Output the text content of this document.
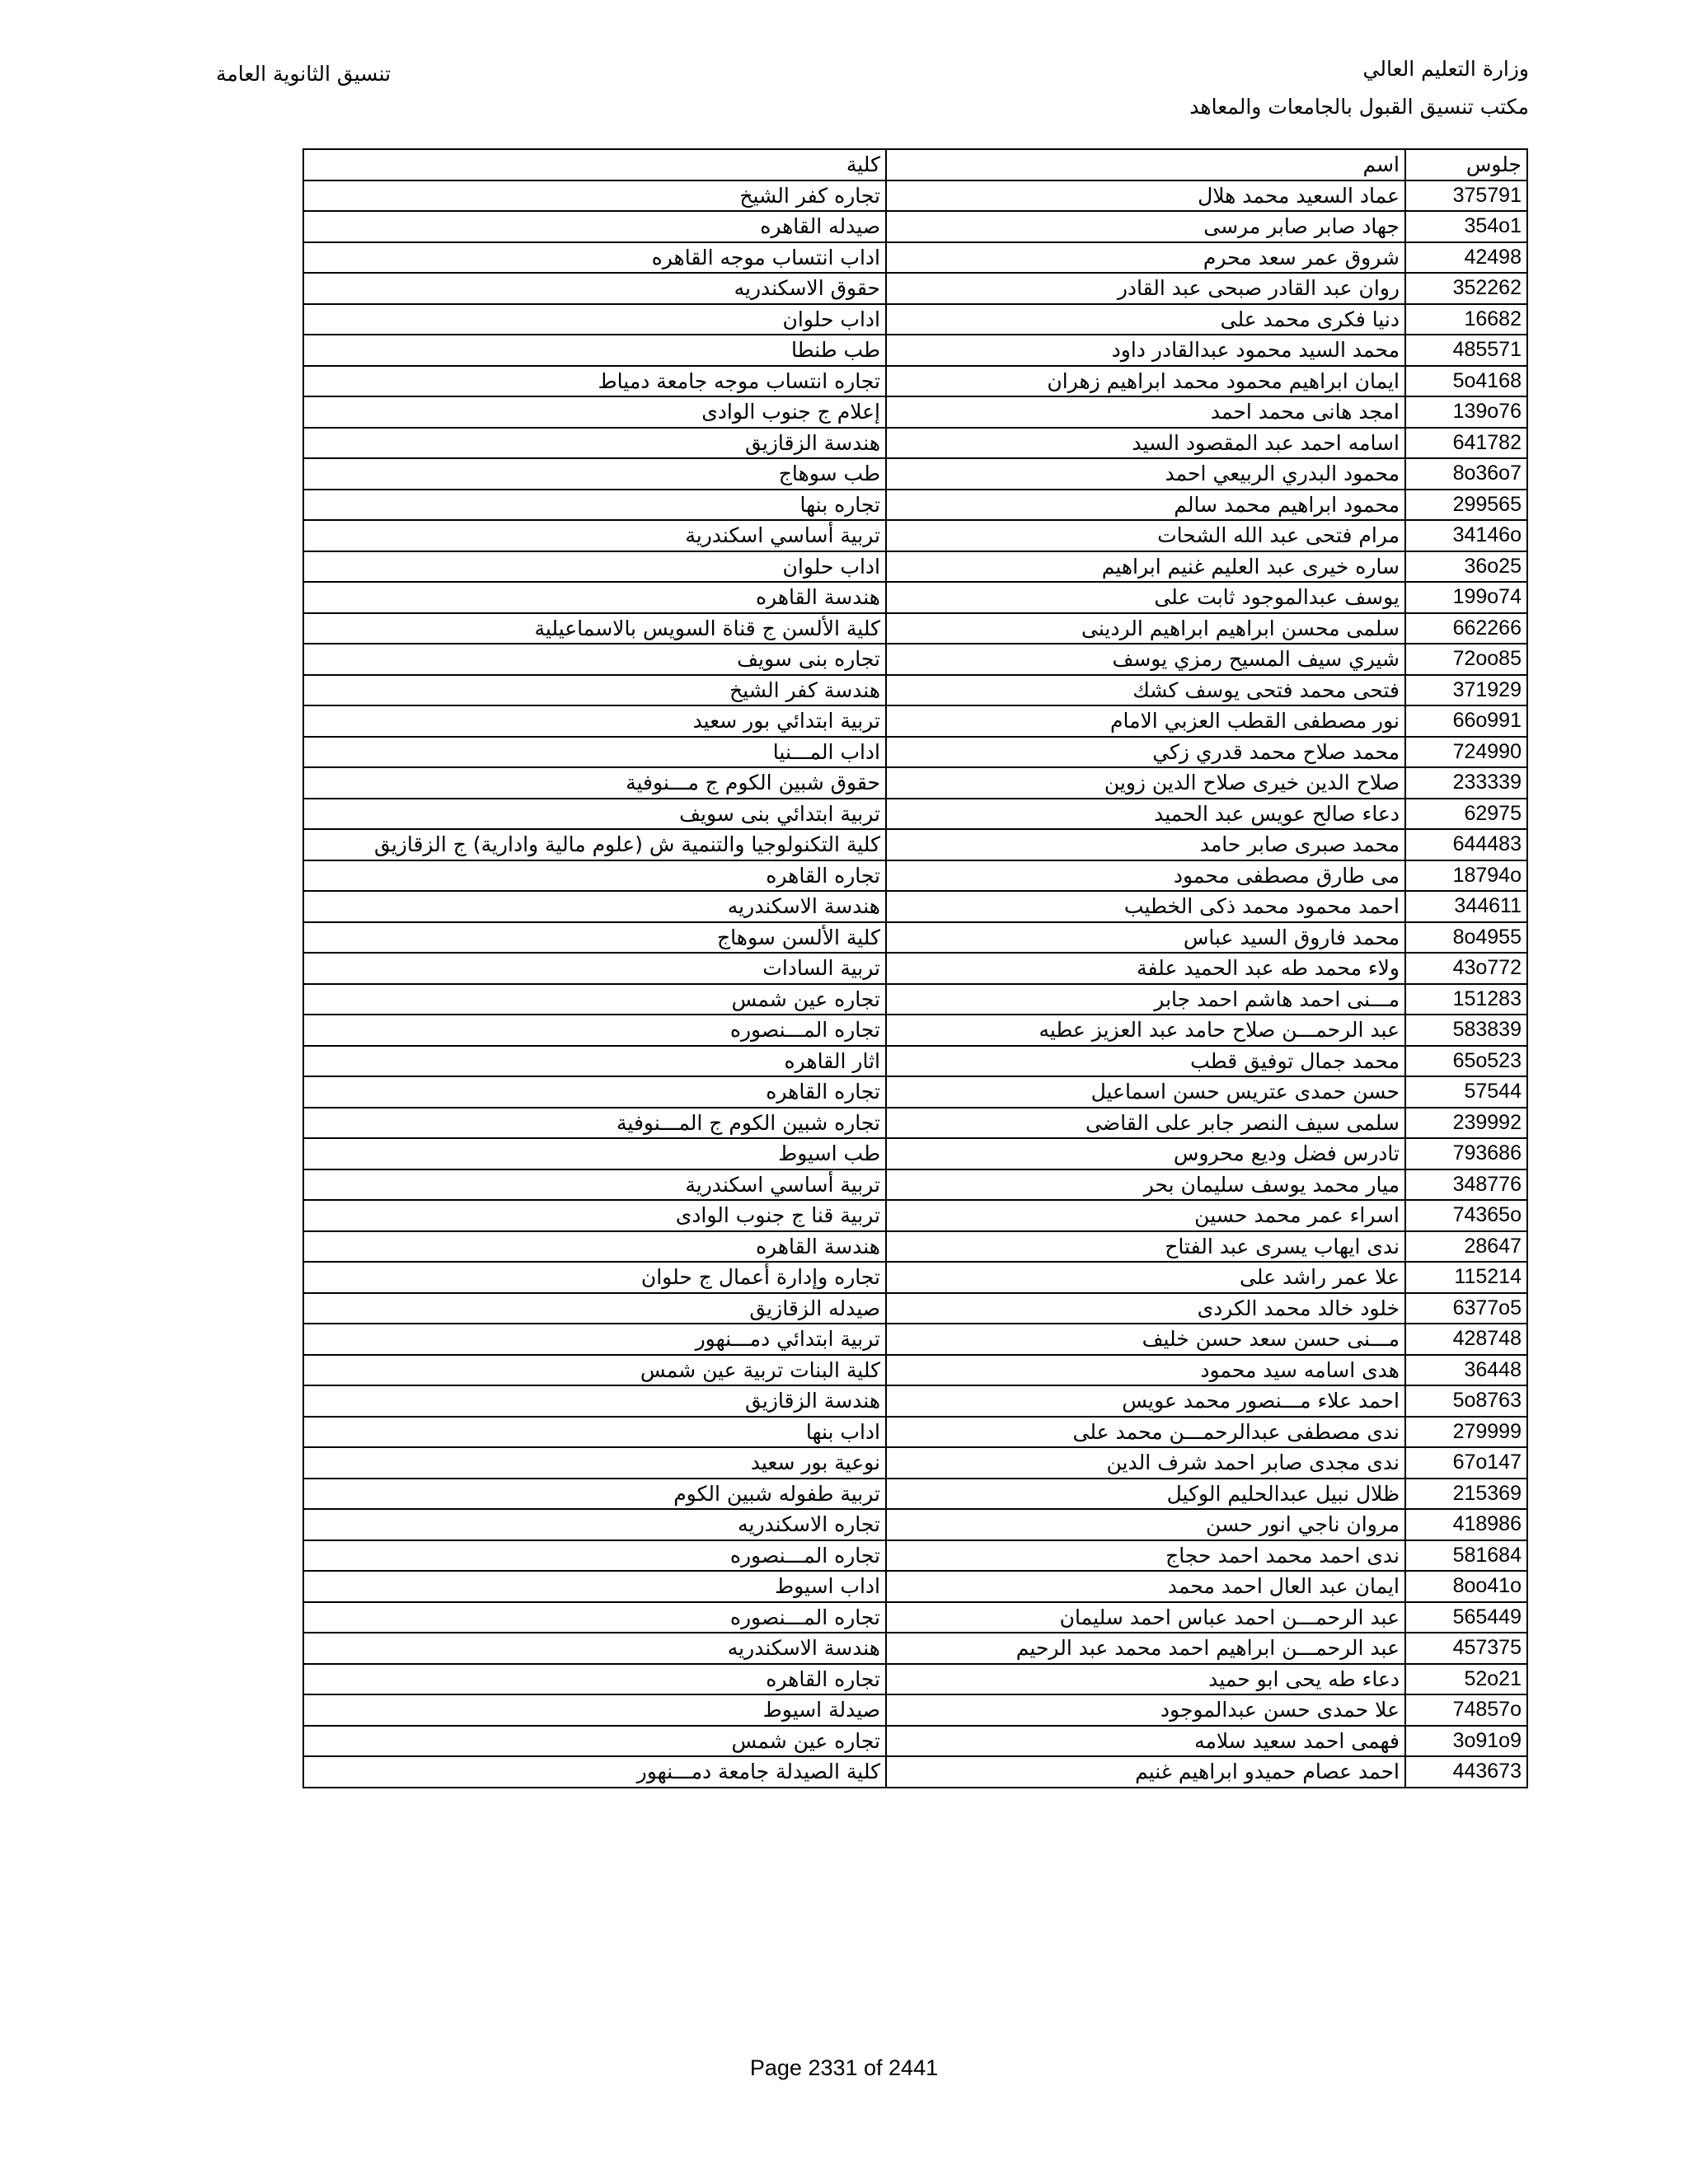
وزارة التعليم العالي
مكتب تنسيق القبول بالجامعات والمعاهد
تنسيق الثانوية العامة
جلوس	اسم	كلية
375791	عماد السعيد محمد هلال	تجاره كفر الشيخ
354o1	جهاد صابر صابر مرسى	صيدله القاهره
42498	شروق عمر سعد محرم	اداب انتساب موجه القاهره
352262	روان عبد القادر صبحى عبد القادر	حقوق الاسكندريه
16682	دنيا فكرى محمد على	اداب حلوان
485571	محمد السيد محمود عبدالقادر داود	طب طنطا
5o4168	ايمان ابراهيم محمود محمد ابراهيم زهران	تجاره انتساب موجه جامعة دمياط
139o76	امجد هانى محمد احمد	إعلام ج جنوب الوادى
641782	اسامه احمد عبد المقصود السيد	هندسة الزقازيق
8o36o7	محمود البدري الربيعي احمد	طب سوهاج
299565	محمود ابراهيم محمد سالم	تجاره بنها
34146o	مرام فتحى عبد الله الشحات	تربية أساسي اسكندرية
36o25	ساره خيرى عبد العليم غنيم ابراهيم	اداب حلوان
199o74	يوسف عبدالموجود ثابت على	هندسة القاهره
662266	سلمى محسن ابراهيم ابراهيم الردينى	كلية الألسن ج قناة السويس بالاسماعيلية
72oo85	شيري سيف المسيح رمزي يوسف	تجاره بنى سويف
371929	فتحى محمد فتحى يوسف كشك	هندسة كفر الشيخ
66o991	نور مصطفى القطب العزبي الامام	تربية ابتدائي بور سعيد
724990	محمد صلاح محمد قدري زكي	اداب المـــنيا
233339	صلاح الدين خيرى صلاح الدين زوين	حقوق شبين الكوم ج مـــنوفية
62975	دعاء صالح عويس عبد الحميد	تربية ابتدائي بنى سويف
644483	محمد صبرى صابر حامد	كلية التكنولوجيا والتنمية ش (علوم مالية وادارية) ج الزقازيق
18794o	مى طارق مصطفى محمود	تجاره القاهره
344611	احمد محمود محمد ذكى الخطيب	هندسة الاسكندريه
8o4955	محمد فاروق السيد عباس	كلية الألسن سوهاج
43o772	ولاء محمد طه عبد الحميد علفة	تربية السادات
151283	مـــنى احمد هاشم احمد جابر	تجاره عين شمس
583839	عبد الرحمـــن صلاح حامد عبد العزيز عطيه	تجاره المـــنصوره
65o523	محمد جمال توفيق قطب	اثار القاهره
57544	حسن حمدى عتريس حسن اسماعيل	تجاره القاهره
239992	سلمى سيف النصر جابر على القاضى	تجاره شبين الكوم ج المـــنوفية
793686	تادرس فضل وديع محروس	طب اسيوط
348776	ميار محمد يوسف سليمان بحر	تربية أساسي اسكندرية
74365o	اسراء عمر محمد حسين	تربية قنا ج جنوب الوادى
28647	ندى ايهاب يسرى عبد الفتاح	هندسة القاهره
115214	علا عمر راشد على	تجاره وإدارة أعمال ج حلوان
6377o5	خلود خالد محمد الكردى	صيدله الزقازيق
428748	مـــنى حسن سعد حسن خليف	تربية ابتدائي دمـــنهور
36448	هدى اسامه سيد محمود	كلية البنات تربية عين شمس
5o8763	احمد علاء مـــنصور محمد عويس	هندسة الزقازيق
279999	ندى مصطفى عبدالرحمـــن محمد على	اداب بنها
67o147	ندى مجدى صابر احمد شرف الدين	نوعية بور سعيد
215369	ظلال نبيل عبدالحليم الوكيل	تربية طفوله شبين الكوم
418986	مروان ناجي انور حسن	تجاره الاسكندريه
581684	ندى احمد محمد احمد حجاج	تجاره المـــنصوره
8oo41o	ايمان عبد العال احمد محمد	اداب اسيوط
565449	عبد الرحمـــن احمد عباس احمد سليمان	تجاره المـــنصوره
457375	عبد الرحمـــن ابراهيم احمد محمد عبد الرحيم	هندسة الاسكندريه
52o21	دعاء طه يحى ابو حميد	تجاره القاهره
74857o	علا حمدى حسن عبدالموجود	صيدلة اسيوط
3o91o9	فهمى احمد سعيد سلامه	تجاره عين شمس
443673	احمد عصام حميدو ابراهيم غنيم	كلية الصيدلة جامعة دمـــنهور
Page 2331 of 2441
